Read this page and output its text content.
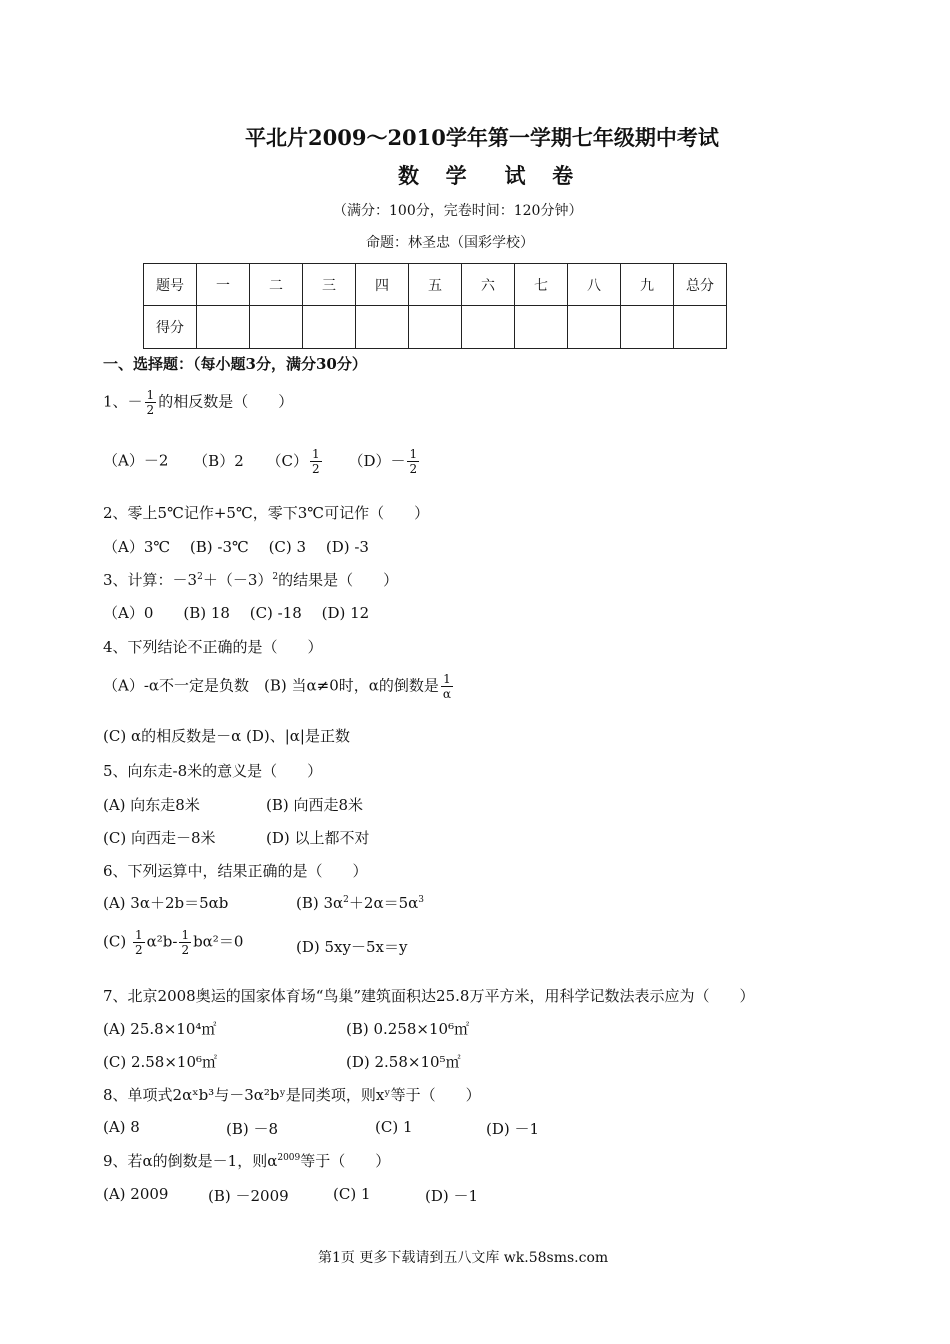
平北片2009～2010学年第一学期七年级期中考试
数  学   试  卷
（满分：100分，完卷时间：120分钟）
命题：林圣忠（国彩学校）
题号	一	二	三	四	五	六	七	八	九	总分
得分										
一、选择题：（每小题3分，满分30分）
1、－ $\frac{1}{2}$ 的相反数是（　　）
（A）－2 （B）2 $(C) \frac{1}{2} (D)- \frac{1}{2}$
2、零上5℃记作+5℃，零下3℃可记作（　　）
（A）3℃　 (B) -3℃　 (C) 3　 (D) -3
3、计算：$-3^2+(-3)^2$的结果是（　　）
（A）0　　(B) 18　 (C) -18　 (D) 12
4、下列结论不正确的是（　　）
（A）-α不一定是负数　(B) 当α≠0时，α的倒数是 $\frac{1}{\alpha}$
(C) α的相反数是－α (D)、|α|是正数
5、向东走-8米的意义是（　　）
(A) 向东走8米	(B) 向西走8米
(C) 向西走－8米	(D) 以上都不对
6、下列运算中，结果正确的是（　　）
(A) 3α＋2b＝5αb	(B) $3\alpha^2+2\alpha=5\alpha^3$
$(C) \frac{1}{2} \alpha^2b- \frac{1}{2} b\alpha^2=0$	(D) 5xy－5x＝y
7、北京2008奥运的国家体育场“鸟巢”建筑面积达25.8万平方米，用科学记数法表示应为（　　）
(A) 25.8×10⁴㎡	(B) 0.258×10⁶㎡
(C) 2.58×10⁶㎡	(D) 2.58×10⁵㎡
8、单项式2αˣb³与－3α²bʸ是同类项，则xʸ等于（　　）
(A) 8	(B) －8	(C) 1	(D) －1
9、若α的倒数是－1，则$\alpha^{2009}$等于（　　）
(A) 2009	(B) －2009	(C) 1	(D) －1
第1页 更多下载请到五八文库 wk.58sms.com
